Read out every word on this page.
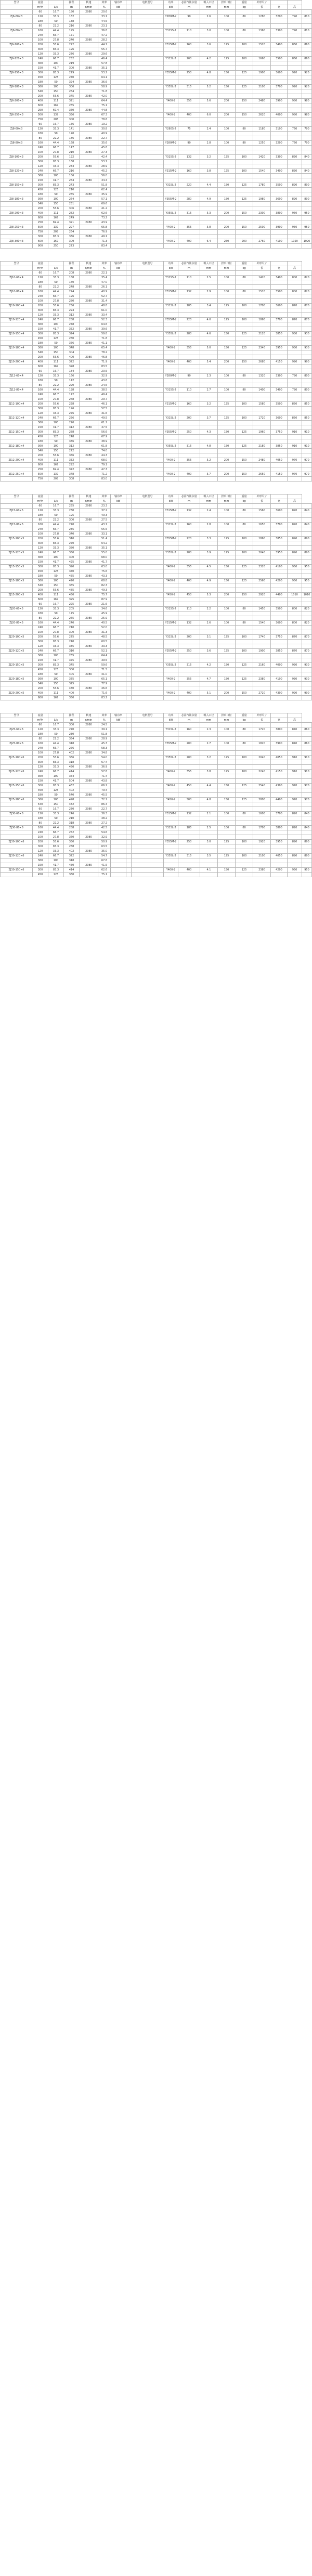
型号	流量		扬程	转速	效率	轴功率		电机型号	功率	必需汽蚀余量	吸入口径	排出口径	重量	外形尺寸			
	m³/h	L/s	m	r/min	%	kW			kW	m	mm	mm	kg	长	宽	高	
	60	16.7	180	2980	20.6												
ZJ6-60×3	120	33.3	162		33.1				Y280M-2	90	2.6	100	80	1280	3200	790	810
	180	50	138		44.5												
	80	22.2	216	2980	23.1												
ZJ6-80×3	160	44.4	195		36.8				Y315S-2	110	3.0	100	80	1360	3300	790	810
	240	66.7	171		47.2												
	100	27.8	240	2980	28.2												
ZJ6-100×3	200	55.6	222		44.1				Y315M-2	160	3.6	125	100	1520	3400	860	860
	300	83.3	196		55.7												
	120	33.3	276	2980	29.6												
ZJ6-120×3	240	66.7	252		46.4				Y315L-2	200	4.2	125	100	1660	3500	860	860
	360	100	219		57.8												
	150	41.7	300	2980	35.1												
ZJ6-150×3	300	83.3	279		53.2				Y355M-2	250	4.8	150	125	1900	3600	920	920
	450	125	240		64.1												
	180	50	324	2980	36.6												
ZJ6-180×3	360	100	300		58.9				Y355L-2	315	5.2	150	125	2100	3700	920	920
	540	150	264		71.8												
	200	55.6	345	2980	42.0												
ZJ6-200×3	400	111	321		64.4				Y400-2	355	5.6	200	150	2480	3900	980	980
	600	167	285		75.1												
	250	69.4	360	2980	44.8												
ZJ6-250×3	500	139	336		67.3				Y400-2	400	6.0	200	150	2620	4000	980	980
	750	208	300		78.6												
	60	16.7	156	2980	19.2												
ZJ8-60×3	120	33.3	141		30.8				Y280S-2	75	2.4	100	80	1180	3100	760	790
	180	50	120		40.9												
	80	22.2	186	2980	22.7												
ZJ8-80×3	160	44.4	168		35.6				Y280M-2	90	2.8	100	80	1250	3200	760	790
	240	66.7	147		45.8												
	100	27.8	210	2980	27.3												
ZJ8-100×3	200	55.6	192		42.4				Y315S-2	132	3.2	125	100	1420	3300	830	840
	300	83.3	168		53.1												
	120	33.3	234	2980	28.9												
ZJ8-120×3	240	66.7	216		45.2				Y315M-2	160	3.8	125	100	1540	3400	830	840
	360	100	186		56.0												
	150	41.7	264	2980	34.4												
ZJ8-150×3	300	83.3	243		51.8				Y315L-2	220	4.4	150	125	1780	3500	890	890
	450	125	210		62.4												
	180	50	285	2980	35.9												
ZJ8-180×3	360	100	264		57.1				Y355M-2	280	4.9	150	125	1980	3600	890	890
	540	150	231		69.6												
	200	55.6	306	2980	41.2												
ZJ8-200×3	400	111	282		62.6				Y355L-2	315	5.3	200	150	2300	3800	950	950
	600	167	249		73.2												
	250	69.4	321	2980	43.9												
ZJ8-250×3	500	139	297		65.8				Y400-2	355	5.8	200	150	2500	3900	950	950
	750	208	264		76.9												
	300	83.3	336	2980	49.1												
ZJ8-300×3	600	167	309		71.3				Y400-2	400	6.4	250	200	2760	4100	1020	1020
	900	250	273		83.4												
型号	流量		扬程	转速	效率	轴功率		电机型号	功率	必需汽蚀余量	吸入口径	排出口径	重量	外形尺寸			
	m³/h	L/s	m	r/min	%	kW			kW	m	mm	mm	kg	长	宽	高	
	60	16.7	208	2980	22.1												
ZJ10-60×4	120	33.3	188		35.4				Y315S-2	110	2.5	100	80	1420	3400	800	820
	180	50	160		47.0												
	80	22.2	248	2980	26.1												
ZJ10-80×4	160	44.4	224		40.9				Y315M-2	132	2.9	100	80	1510	3500	800	820
	240	66.7	196		52.7												
	100	27.8	280	2980	31.4												
ZJ10-100×4	200	55.6	256		48.8				Y315L-2	185	3.4	125	100	1700	3600	870	870
	300	83.3	224		61.0												
	120	33.3	312	2980	33.4												
ZJ10-120×4	240	66.7	288		52.3				Y355M-2	220	4.0	125	100	1860	3700	870	870
	360	100	248		64.6												
	150	41.7	352	2980	39.6												
ZJ10-150×4	300	83.3	324		59.8				Y355L-2	280	4.6	150	125	2120	3850	930	930
	450	125	280		71.8												
	180	50	376	2980	41.1												
ZJ10-180×4	360	100	348		65.4				Y400-2	355	5.0	150	125	2340	3950	930	930
	540	150	304		78.2												
	200	55.6	400	2980	46.8												
ZJ10-200×4	400	111	372		71.9				Y400-2	400	5.4	200	150	2680	4150	990	990
	600	167	328		83.5												
	60	16.7	184	2980	20.5												
ZJ12-60×4	120	33.3	166		32.9				Y280M-2	90	2.3	100	80	1320	3300	780	800
	180	50	142		43.6												
	80	22.2	220	2980	24.6												
ZJ12-80×4	160	44.4	198		38.5				Y315S-2	110	2.7	100	80	1400	3400	780	800
	240	66.7	172		49.4												
	100	27.8	248	2980	29.7												
ZJ12-100×4	200	55.6	228		46.1				Y315M-2	160	3.2	125	100	1580	3500	850	850
	300	83.3	196		57.5												
	120	33.3	276	2980	31.6												
ZJ12-120×4	240	66.7	256		49.5				Y315L-2	200	3.7	125	100	1720	3600	850	850
	360	100	220		61.2												
	150	41.7	312	2980	37.5												
ZJ12-150×4	300	83.3	288		56.6				Y355M-2	250	4.3	150	125	1960	3750	910	910
	450	125	248		67.9												
	180	50	336	2980	38.9												
ZJ12-180×4	360	100	312		61.8				Y355L-2	315	4.8	150	125	2180	3850	910	910
	540	150	272		74.0												
	200	55.6	356	2980	44.3												
ZJ12-200×4	400	111	332		68.0				Y400-2	355	5.2	200	150	2480	4050	970	970
	600	167	292		79.1												
	250	69.4	372	2980	47.3												
ZJ12-250×4	500	139	348		71.2				Y400-2	400	5.7	200	150	2650	4150	970	970
	750	208	308		83.0												
型号	流量		扬程	转速	效率	轴功率		电机型号	功率	必需汽蚀余量	吸入口径	排出口径	重量	外形尺寸			
	m³/h	L/s	m	r/min	%	kW			kW	m	mm	mm	kg	长	宽	高	
	60	16.7	255	2980	23.3												
ZJ15-60×5	120	33.3	230		37.2				Y315M-2	132	2.4	100	80	1560	3600	820	840
	180	50	195		49.3												
	80	22.2	300	2980	27.5												
ZJ15-80×5	160	44.4	270		43.1				Y315L-2	160	2.8	100	80	1650	3700	820	840
	240	66.7	235		55.5												
	100	27.8	340	2980	33.1												
ZJ15-100×5	200	55.6	310		51.4				Y355M-2	220	3.3	125	100	1860	3850	890	890
	300	83.3	270		64.2												
	120	33.3	380	2980	35.1												
ZJ15-120×5	240	66.7	350		55.0				Y355L-2	280	3.9	125	100	2040	3950	890	890
	360	100	300		68.0												
	150	41.7	425	2980	41.7												
ZJ15-150×5	300	83.3	390		63.0				Y400-2	355	4.5	150	125	2320	4100	950	950
	450	125	340		75.6												
	180	50	455	2980	43.3												
ZJ15-180×5	360	100	420		68.8				Y400-2	400	4.9	150	125	2560	4200	950	950
	540	150	365		82.3												
	200	55.6	485	2980	49.3												
ZJ15-200×5	400	111	450		75.7				Y450-2	450	5.3	200	150	2920	4400	1010	1010
	600	167	395		87.9												
	60	16.7	225	2980	21.6												
ZJ20-60×5	120	33.3	205		34.6				Y315S-2	110	2.2	100	80	1450	3500	800	820
	180	50	175		45.9												
	80	22.2	265	2980	25.9												
ZJ20-80×5	160	44.4	240		40.5				Y315M-2	132	2.6	100	80	1540	3600	800	820
	240	66.7	210		52.0												
	100	27.8	300	2980	31.3												
ZJ20-100×5	200	55.6	275		48.5				Y315L-2	200	3.1	125	100	1740	3750	870	870
	300	83.3	240		60.5												
	120	33.3	335	2980	33.3												
ZJ20-120×5	240	66.7	310		52.1				Y355M-2	250	3.6	125	100	1900	3850	870	870
	360	100	265		64.4												
	150	41.7	375	2980	39.5												
ZJ20-150×5	300	83.3	345		59.6				Y355L-2	315	4.2	150	125	2160	4000	930	930
	450	125	300		71.5												
	180	50	405	2980	41.0												
ZJ20-180×5	360	100	375		65.1				Y400-2	355	4.7	150	125	2380	4100	930	930
	540	150	325		77.9												
	200	55.6	430	2980	46.6												
ZJ20-200×5	400	111	400		71.6				Y400-2	400	5.1	200	150	2720	4300	990	990
	600	167	350		83.2												
型号	流量		扬程	转速	效率	轴功率		电机型号	功率	必需汽蚀余量	吸入口径	排出口径	重量	外形尺寸			
	m³/h	L/s	m	r/min	%	kW			kW	m	mm	mm	kg	长	宽	高	
	60	16.7	300	2980	24.5												
ZJ25-60×6	120	33.3	270		39.1				Y315L-2	160	2.3	100	80	1720	3800	840	860
	180	50	230		51.8												
	80	22.2	354	2980	28.9												
ZJ25-80×6	160	44.4	318		45.3				Y355M-2	200	2.7	100	80	1820	3900	840	860
	240	66.7	276		58.3												
	100	27.8	402	2980	34.8												
ZJ25-100×6	200	55.6	366		54.0				Y355L-2	280	3.2	125	100	2040	4050	910	910
	300	83.3	318		67.4												
	120	33.3	450	2980	36.9												
ZJ25-120×6	240	66.7	414		57.8				Y400-2	355	3.8	125	100	2240	4150	910	910
	360	100	354		71.4												
	150	41.7	504	2980	43.8												
ZJ25-150×6	300	83.3	462		66.2				Y400-2	450	4.4	150	125	2540	4300	970	970
	450	125	402		79.4												
	180	50	540	2980	45.5												
ZJ25-180×6	360	100	498		72.2				Y450-2	500	4.8	150	125	2800	4400	970	970
	540	150	432		86.4												
	60	16.7	270	2980	22.7												
ZJ30-60×6	120	33.3	246		36.3				Y315M-2	132	2.1	100	80	1600	3700	820	840
	180	50	210		48.2												
	80	22.2	318	2980	27.2												
ZJ30-80×6	160	44.4	288		42.5				Y315L-2	185	2.5	100	80	1700	3800	820	840
	240	66.7	252		54.6												
	100	27.8	360	2980	32.9												
ZJ30-100×6	200	55.6	330		50.9				Y355M-2	250	3.0	125	100	1920	3950	890	890
	300	83.3	288		63.5												
	120	33.3	402	2980	35.0												
ZJ30-120×6	240	66.7	372		54.7				Y355L-2	315	3.5	125	100	2100	4050	890	890
	360	100	318		67.6												
	150	41.7	450	2980	41.5												
ZJ30-150×6	300	83.3	414		62.6				Y400-2	400	4.1	150	125	2380	4200	950	950
	450	125	360		75.1												
